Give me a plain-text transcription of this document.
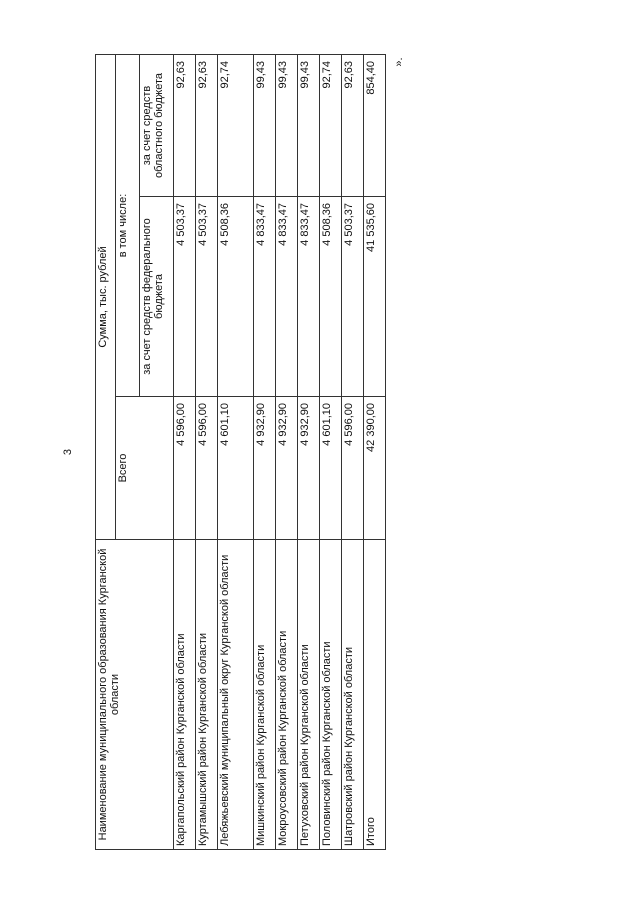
3
».
Наименование муниципального образования Курганской области	Сумма, тыс. рублей		
	Всего	в том числе:	
		за счет средств федерального бюджета	за счет средств областного бюджета
Каргапольский район Курганской области	4 596,00	4 503,37	92,63
Куртамышский район Курганской области	4 596,00	4 503,37	92,63
Лебяжьевский муниципальный округ Курганской области	4 601,10	4 508,36	92,74
Мишкинский район Курганской области	4 932,90	4 833,47	99,43
Мокроусовский район Курганской области	4 932,90	4 833,47	99,43
Петуховский район Курганской области	4 932,90	4 833,47	99,43
Половинский район Курганской области	4 601,10	4 508,36	92,74
Шатровский район Курганской области	4 596,00	4 503,37	92,63
Итого	42 390,00	41 535,60	854,40
